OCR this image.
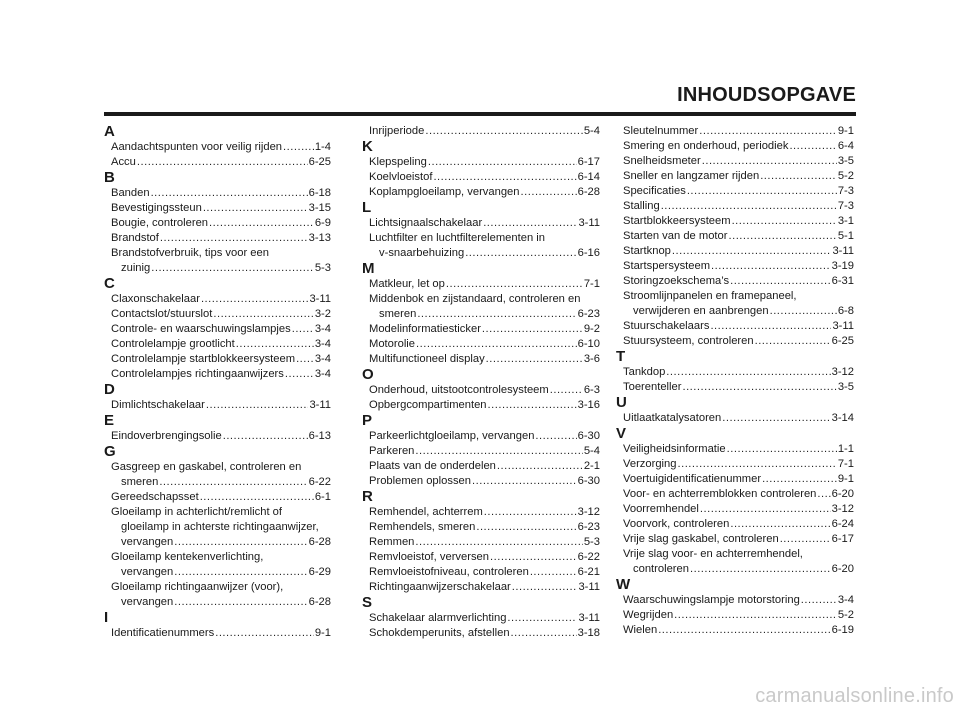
INHOUDSOPGAVE
A
Aandachtspunten voor veilig rijden .....	1-4
Accu .....	6-25
B
Banden .....	6-18
Bevestigingssteun .....	3-15
Bougie, controleren .....	6-9
Brandstof .....	3-13
Brandstofverbruik, tips voor een
zuinig .....	5-3
C
Claxonschakelaar .....	3-11
Contactslot/stuurslot .....	3-2
Controle- en waarschuwingslampjes ..... 3-4
Controlelampje grootlicht .....	3-4
Controlelampje startblokkeersysteem ..... 3-4
Controlelampjes richtingaanwijzers .....	3-4
D
Dimlichtschakelaar .....	3-11
E
Eindoverbrengingsolie .....	6-13
G
Gasgreep en gaskabel, controleren en
smeren .....	6-22
Gereedschapsset .....	6-1
Gloeilamp in achterlicht/remlicht of
gloeilamp in achterste richtingaanwijzer,
vervangen .....	6-28
Gloeilamp kentekenverlichting,
vervangen .....	6-29
Gloeilamp richtingaanwijzer (voor),
vervangen .....	6-28
I
Identificatienummers .....	9-1
Inrijperiode .....	5-4
K
Klepspeling .....	6-17
Koelvloeistof .....	6-14
Koplampgloeilamp, vervangen .....	6-28
L
Lichtsignaalschakelaar .....	3-11
Luchtfilter en luchtfilterelementen in
v-snaarbehuizing .....	6-16
M
Matkleur, let op .....	7-1
Middenbok en zijstandaard, controleren en
smeren .....	6-23
Modelinformatiesticker .....	9-2
Motorolie .....	6-10
Multifunctioneel display .....	3-6
O
Onderhoud, uitstootcontrolesysteem .....	6-3
Opbergcompartimenten .....	3-16
P
Parkeerlichtgloeilamp, vervangen .....	6-30
Parkeren .....	5-4
Plaats van de onderdelen .....	2-1
Problemen oplossen .....	6-30
R
Remhendel, achterrem .....	3-12
Remhendels, smeren .....	6-23
Remmen .....	5-3
Remvloeistof, verversen .....	6-22
Remvloeistofniveau, controleren .....	6-21
Richtingaanwijzerschakelaar .....	3-11
S
Schakelaar alarmverlichting .....	3-11
Schokdemperunits, afstellen .....	3-18
Sleutelnummer .....	9-1
Smering en onderhoud, periodiek .....	6-4
Snelheidsmeter .....	3-5
Sneller en langzamer rijden .....	5-2
Specificaties .....	7-3
Stalling .....	7-3
Startblokkeersysteem .....	3-1
Starten van de motor .....	5-1
Startknop .....	3-11
Startspersysteem .....	3-19
Storingzoekschema’s .....	6-31
Stroomlijnpanelen en framepaneel,
verwijderen en aanbrengen .....	6-8
Stuurschakelaars .....	3-11
Stuursysteem, controleren .....	6-25
T
Tankdop .....	3-12
Toerenteller .....	3-5
U
Uitlaatkatalysatoren .....	3-14
V
Veiligheidsinformatie .....	1-1
Verzorging .....	7-1
Voertuigidentificatienummer .....	9-1
Voor- en achterremblokken controleren ..... 6-20
Voorremhendel .....	3-12
Voorvork, controleren .....	6-24
Vrije slag gaskabel, controleren .....	6-17
Vrije slag voor- en achterremhendel,
controleren .....	6-20
W
Waarschuwingslampje motorstoring .....	3-4
Wegrijden .....	5-2
Wielen .....	6-19
carmanualsonline.info
